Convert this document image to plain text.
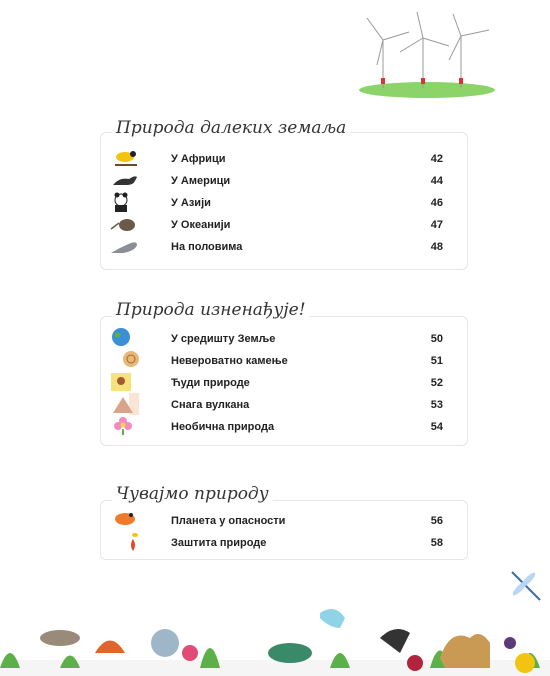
У Африци	42
У Америци	44
У Азији	46
У Океанији	47
На половима	48
Природа далеких земаља
У средишту Земље	50
Невероватно камење	51
Ћуди природе	52
Снага вулкана	53
Необична природа	54
Природа изненађује!
Планета у опасности	56
Заштита природе	58
Чувајмо природу
